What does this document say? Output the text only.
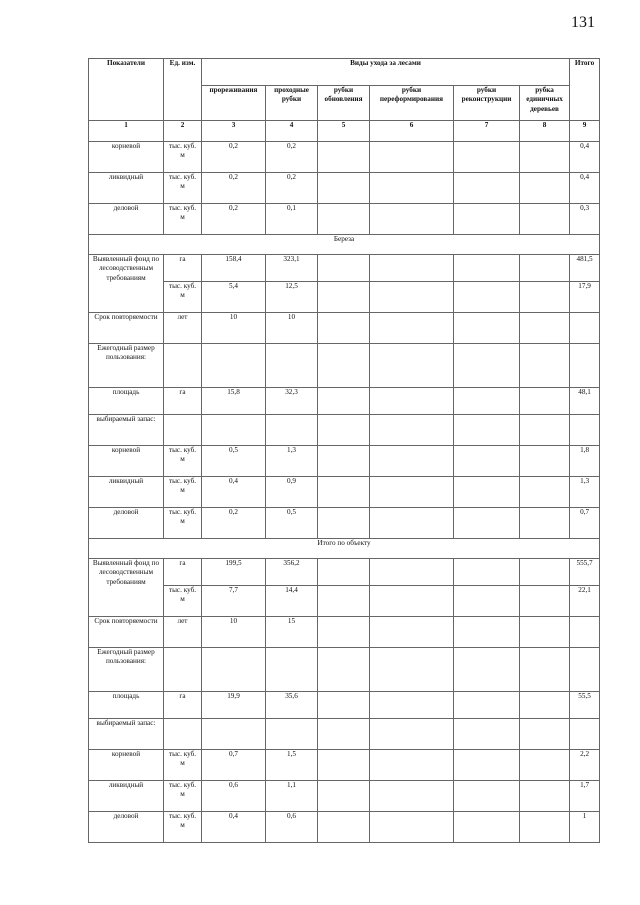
131
Показатели	Ед. изм.	Виды ухода за лесами						Итого
		прореживания	проходные рубки	рубки обновления	рубки переформирования	рубки реконструкции	рубка единичных деревьев	
1	2	3	4	5	6	7	8	9
корневой	тыс. куб. м	0,2	0,2					0,4
ликвидный	тыс. куб. м	0,2	0,2					0,4
деловой	тыс. куб. м	0,2	0,1					0,3
Береза								
Выявленный фонд по лесоводственным требованиям	га	158,4	323,1					481,5
	тыс. куб. м	5,4	12,5					17,9
Срок повторяемости	лет	10	10					
Ежегодный размер пользования:								
площадь	га	15,8	32,3					48,1
выбираемый запас:								
корневой	тыс. куб. м	0,5	1,3					1,8
ликвидный	тыс. куб. м	0,4	0,9					1,3
деловой	тыс. куб. м	0,2	0,5					0,7
Итого по объекту								
Выявленный фонд по лесоводственным требованиям	га	199,5	356,2					555,7
	тыс. куб. м	7,7	14,4					22,1
Срок повторяемости	лет	10	15					
Ежегодный размер пользования:								
площадь	га	19,9	35,6					55,5
выбираемый запас:								
корневой	тыс. куб. м	0,7	1,5					2,2
ликвидный	тыс. куб. м	0,6	1,1					1,7
деловой	тыс. куб. м	0,4	0,6					1
